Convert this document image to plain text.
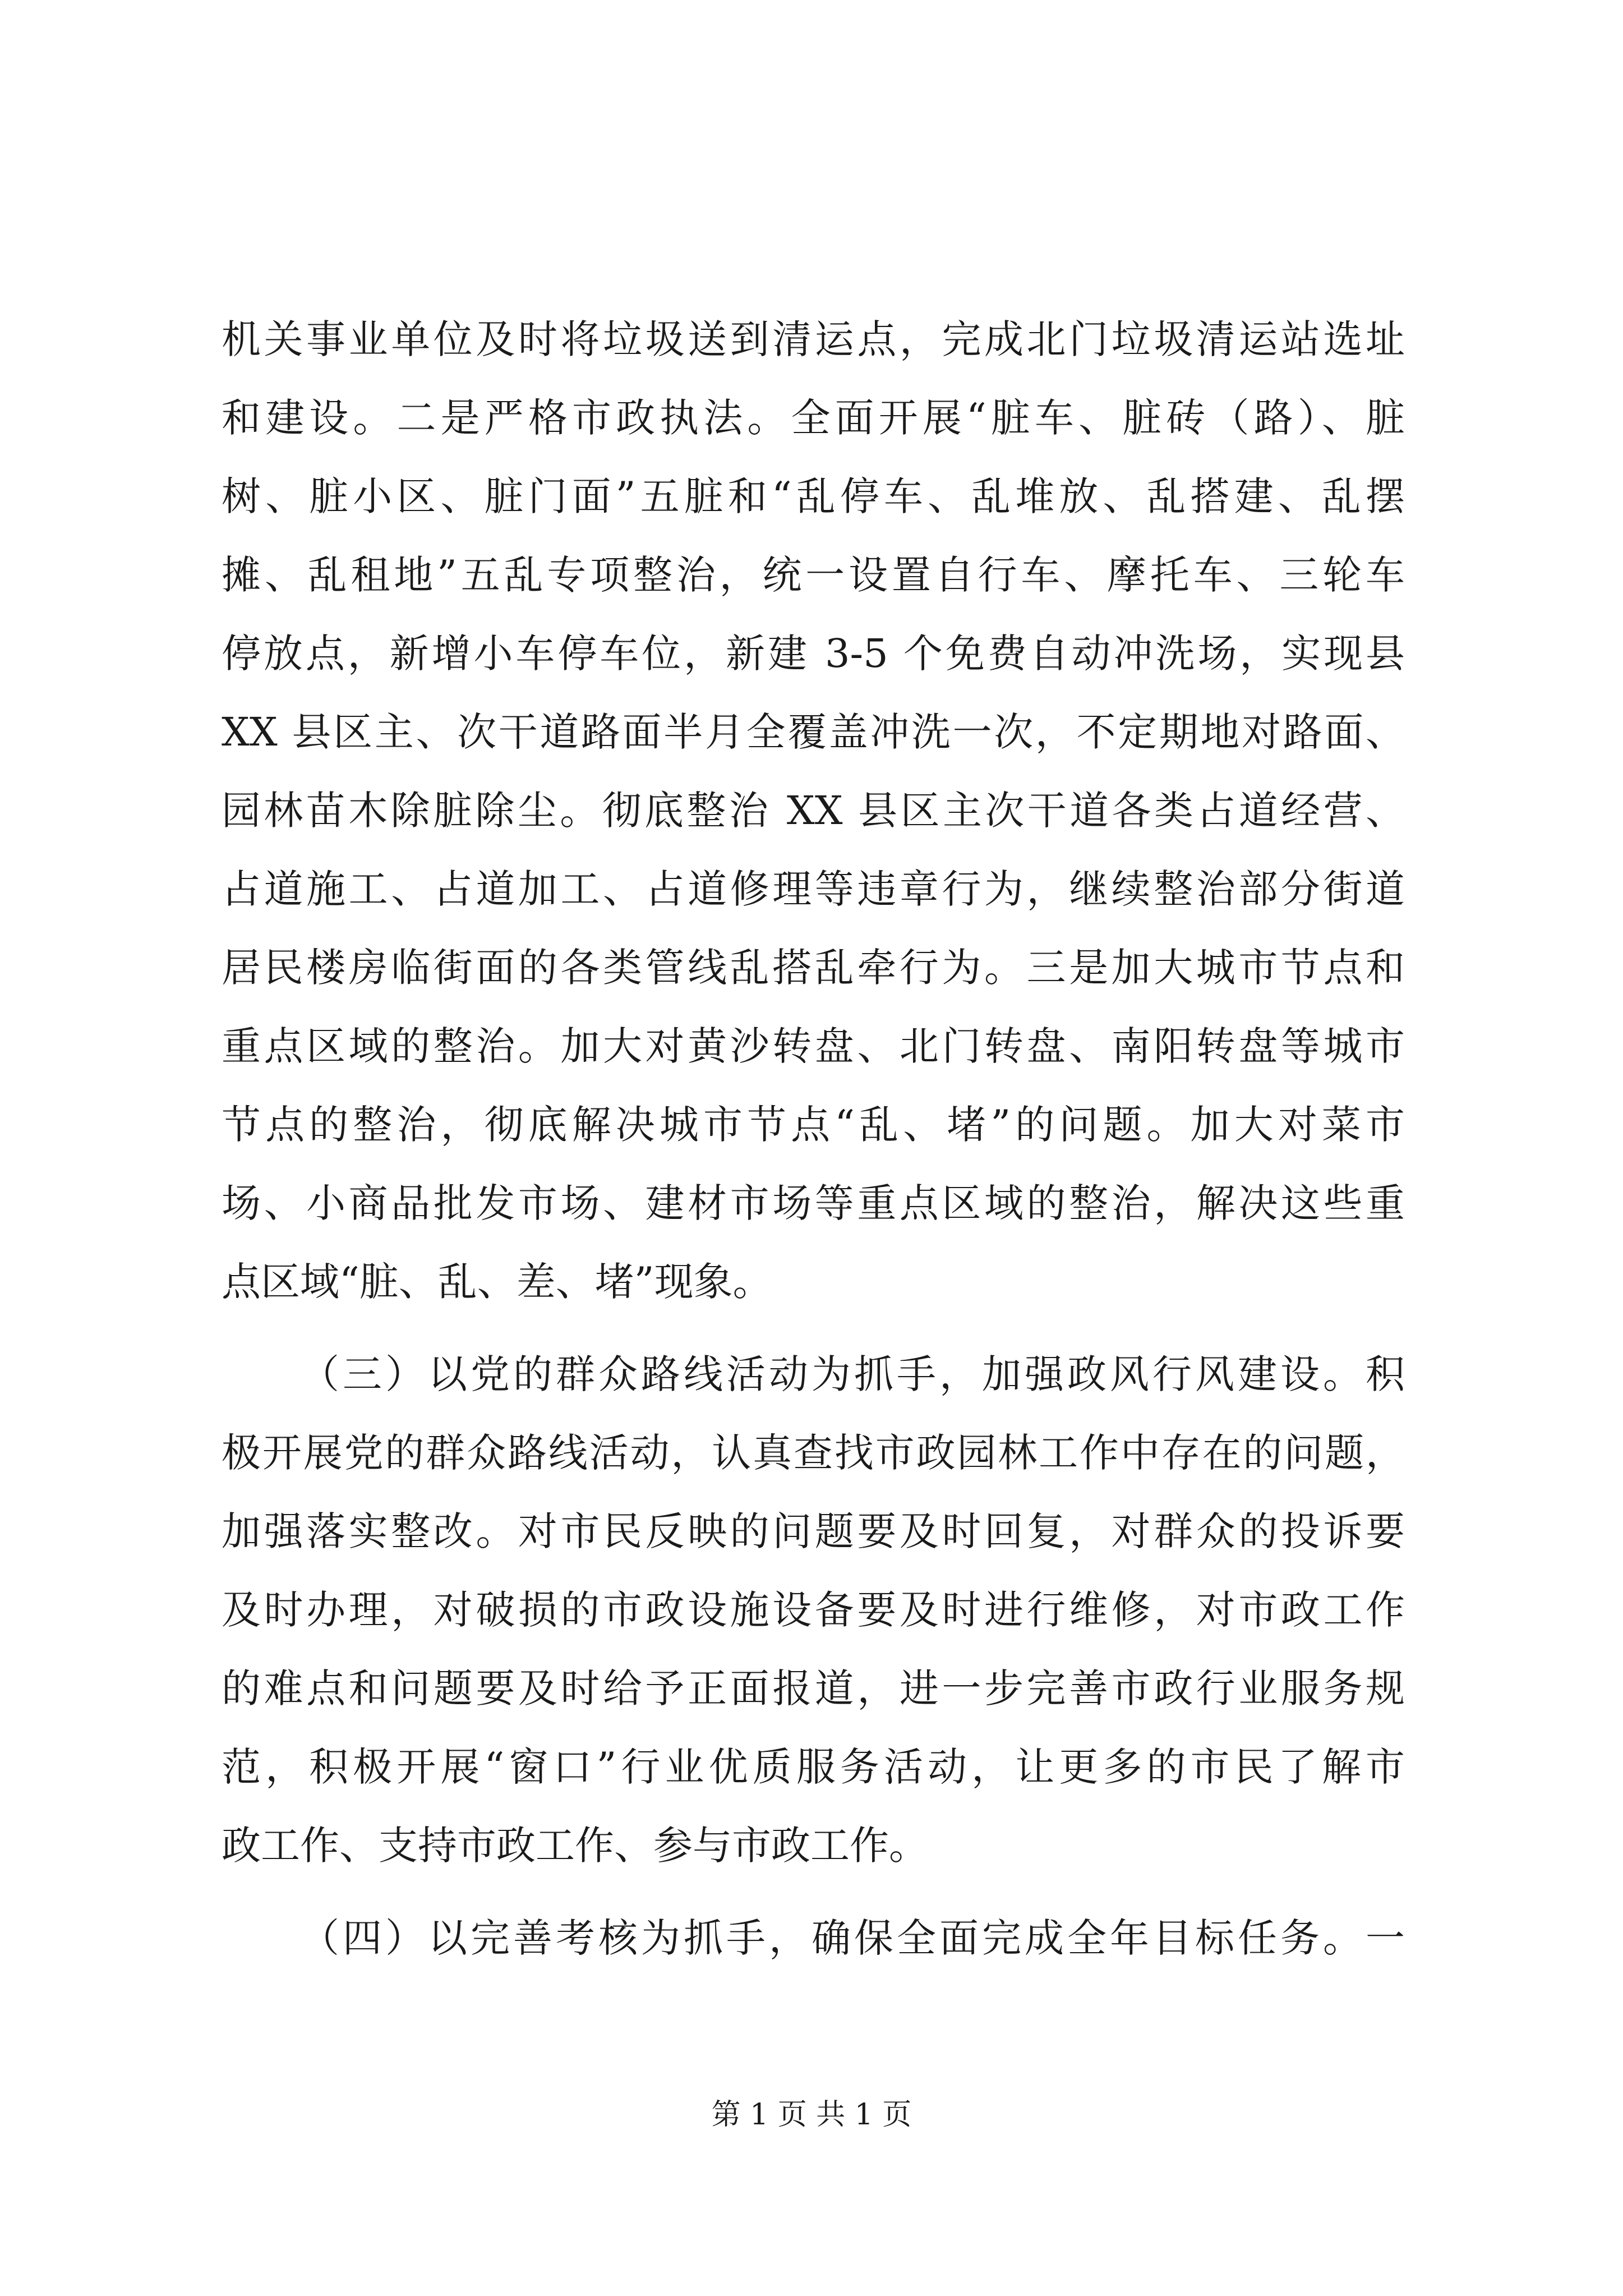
机关事业单位及时将垃圾送到清运点，完成北门垃圾清运站选址
和建设。二是严格市政执法。全面开展“脏车、脏砖（路）、脏
树、脏小区、脏门面”五脏和“乱停车、乱堆放、乱搭建、乱摆
摊、乱租地”五乱专项整治，统一设置自行车、摩托车、三轮车
停放点，新增小车停车位，新建 3-5 个免费自动冲洗场，实现县
XX 县区主、次干道路面半月全覆盖冲洗一次，不定期地对路面、
园林苗木除脏除尘。彻底整治 XX 县区主次干道各类占道经营、
占道施工、占道加工、占道修理等违章行为，继续整治部分街道
居民楼房临街面的各类管线乱搭乱牵行为。三是加大城市节点和
重点区域的整治。加大对黄沙转盘、北门转盘、南阳转盘等城市
节点的整治，彻底解决城市节点“乱、堵”的问题。加大对菜市
场、小商品批发市场、建材市场等重点区域的整治，解决这些重
点区域“脏、乱、差、堵”现象。
（三）以党的群众路线活动为抓手，加强政风行风建设。积
极开展党的群众路线活动，认真查找市政园林工作中存在的问题，
加强落实整改。对市民反映的问题要及时回复，对群众的投诉要
及时办理，对破损的市政设施设备要及时进行维修，对市政工作
的难点和问题要及时给予正面报道，进一步完善市政行业服务规
范，积极开展“窗口”行业优质服务活动，让更多的市民了解市
政工作、支持市政工作、参与市政工作。
（四）以完善考核为抓手，确保全面完成全年目标任务。一
第 1 页 共 1 页
